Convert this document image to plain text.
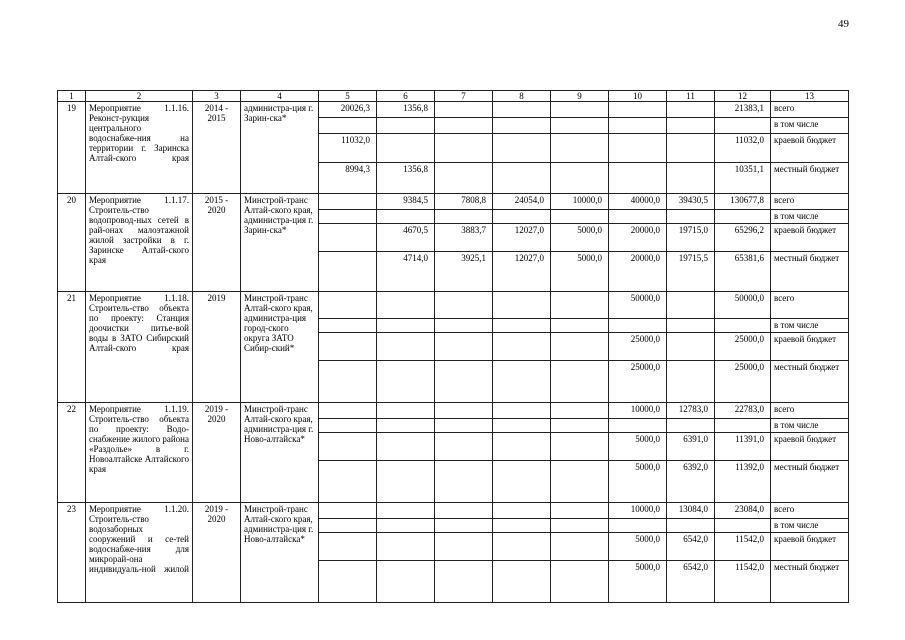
49
1	2	3	4	5	6	7	8	9	10	11	12	13
19	Мероприятие 1.1.16. Реконст-рукция центрального водоснабже-ния на территории г. Заринска Алтай-ского края	2014 - 2015	администра-ция г. Зарин-ска*	20026,3	1356,8						21383,1	всего
												в том числе
				11032,0							11032,0	краевой бюджет
				8994,3	1356,8						10351,1	местный бюджет
20	Мероприятие 1.1.17. Строитель-ство водопровод-ных сетей в рай-онах малоэтажной жилой застройки в г. Заринске Алтай-ского края	2015 - 2020	Минстрой-транс Алтай-ского края, администра-ция г. Зарин-ска*		9384,5	7808,8	24054,0	10000,0	40000,0	39430,5	130677,8	всего
												в том числе
					4670,5	3883,7	12027,0	5000,0	20000,0	19715,0	65296,2	краевой бюджет
					4714,0	3925,1	12027,0	5000,0	20000,0	19715,5	65381,6	местный бюджет
21	Мероприятие 1.1.18. Строитель-ство объекта по проекту: Станция доочистки питье-вой воды в ЗАТО Сибирский Алтай-ского края	2019	Минстрой-транс Алтай-ского края, администра-ция город-ского округа ЗАТО Сибир-ский*						50000,0		50000,0	всего
												в том числе
									25000,0		25000,0	краевой бюджет
									25000,0		25000,0	местный бюджет
22	Мероприятие 1.1.19. Строитель-ство объекта по проекту: Водо-снабжение жилого района «Раздолье» в г. Новоалтайске Алтайского края	2019 - 2020	Минстрой-транс Алтай-ского края, администра-ция г. Ново-алтайска*						10000,0	12783,0	22783,0	всего
												в том числе
									5000,0	6391,0	11391,0	краевой бюджет
									5000,0	6392,0	11392,0	местный бюджет
23	Мероприятие 1.1.20. Строитель-ство водозаборных сооружений и се-тей водоснабже-ния для микрорай-она индивидуаль-ной жилой	2019 - 2020	Минстрой-транс Алтай-ского края, администра-ция г. Ново-алтайска*						10000,0	13084,0	23084,0	всего
												в том числе
									5000,0	6542,0	11542,0	краевой бюджет
									5000,0	6542,0	11542,0	местный бюджет
